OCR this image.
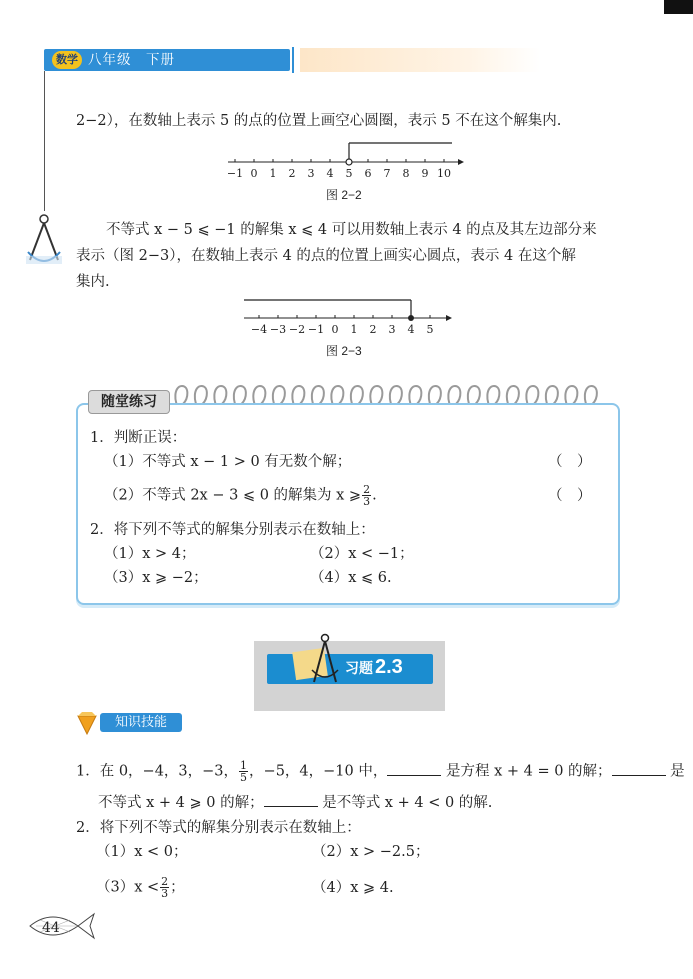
数学 八年级　下册
2−2），在数轴上表示 5 的点的位置上画空心圆圈，表示 5 不在这个解集内.
−1 0 1 2 3 4 5 6 7 8 9 10
图 2−2
不等式 x − 5 ⩽ −1 的解集 x ⩽ 4 可以用数轴上表示 4 的点及其左边部分来
表示（图 2−3），在数轴上表示 4 的点的位置上画实心圆点，表示 4 在这个解
集内.
−4 −3 −2 −1 0 1 2 3 4 5
图 2−3
随堂练习
1．判断正误：
（1）不等式 x − 1 > 0 有无数个解；	（　）
（2）不等式 2x − 3 ⩽ 0 的解集为 x ⩾ $\frac{2}{3}$ .	（　）
2．将下列不等式的解集分别表示在数轴上：
（1）x > 4；	（2）x < −1；
（3）x ⩾ −2；	（4）x ⩽ 6.
习题 2.3
知识技能
1．在 0，−4，3，−3， $\frac{1}{5}$ ，−5，4，−10 中，	是方程 x + 4 = 0 的解；	是
不等式 x + 4 ⩾ 0 的解；	是不等式 x + 4 < 0 的解.
2．将下列不等式的解集分别表示在数轴上：
（1）x < 0；	（2）x > −2.5；
$(3)x < \frac{2}{3}$ ；	（4）x ⩾ 4.
44
